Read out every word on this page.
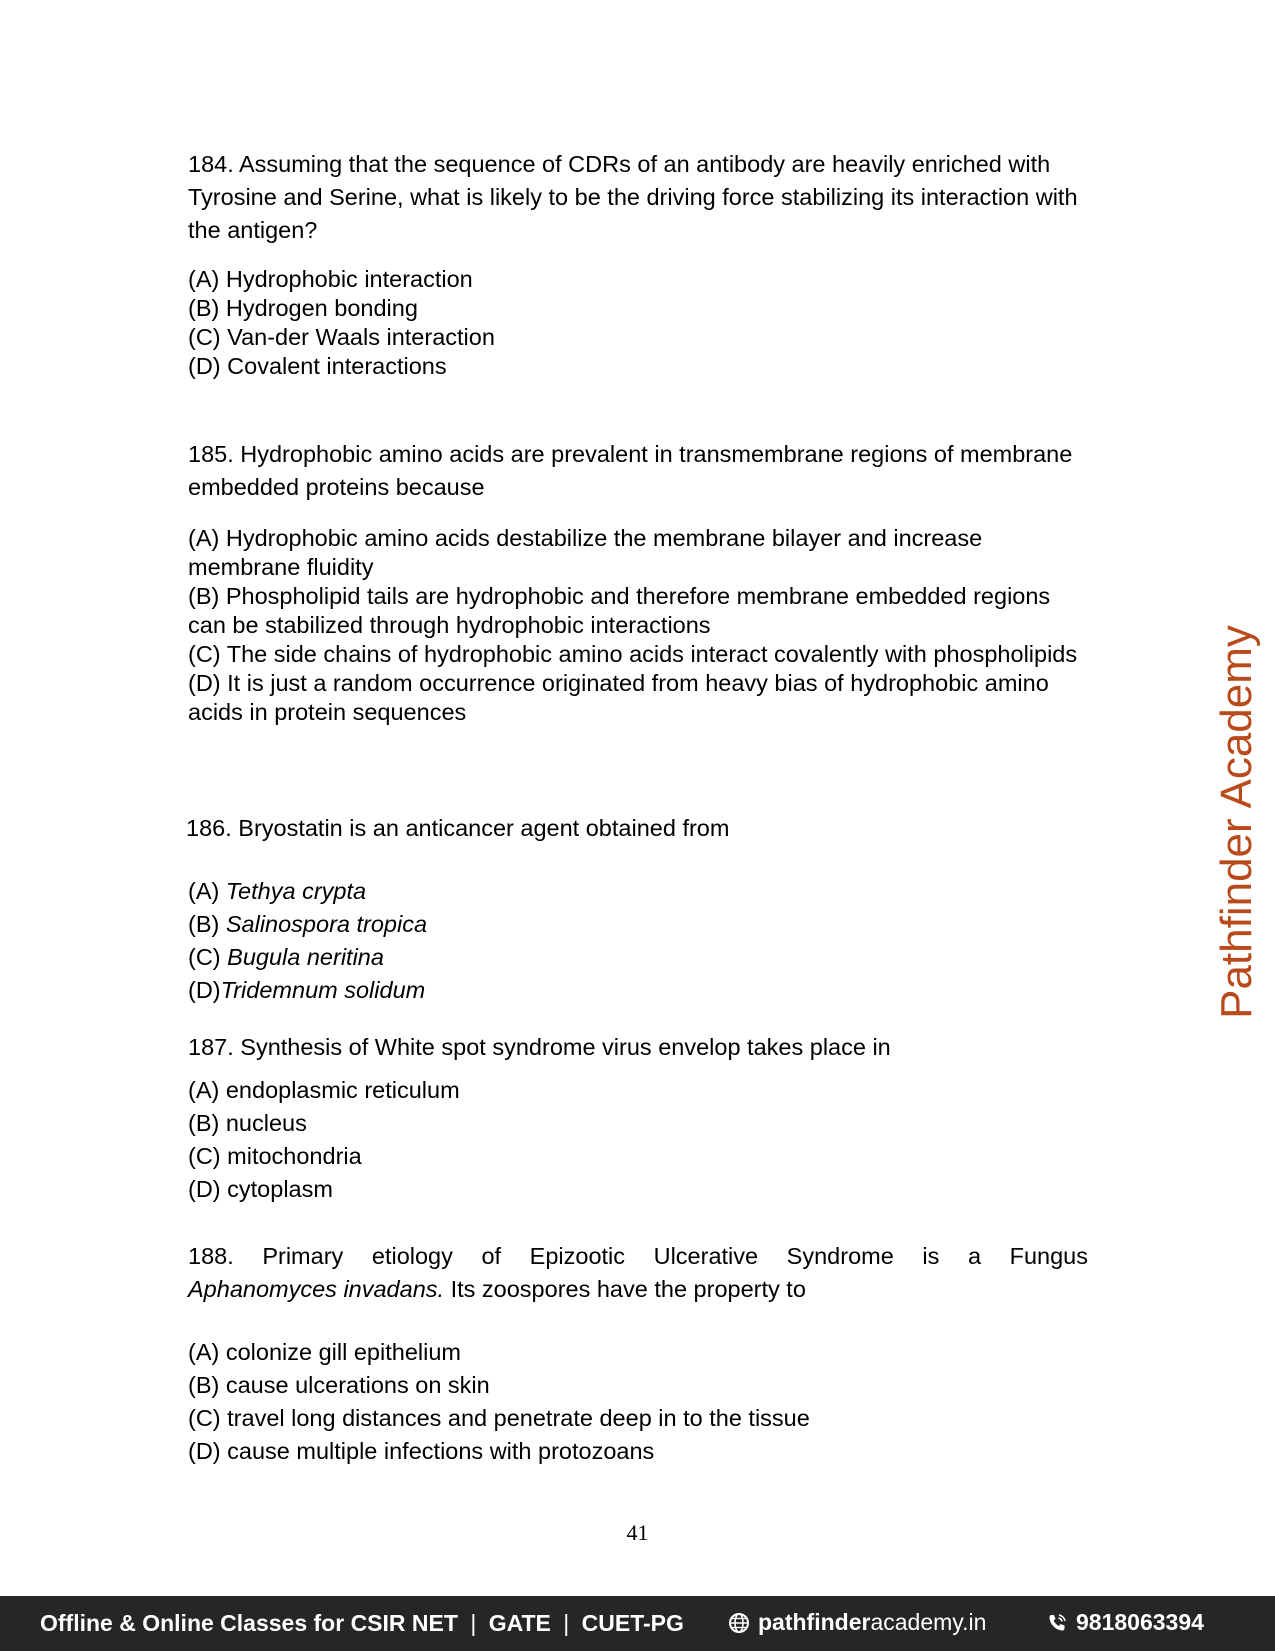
184. Assuming that the sequence of CDRs of an antibody are heavily enriched with Tyrosine and Serine, what is likely to be the driving force stabilizing its interaction with the antigen?

(A) Hydrophobic interaction
(B) Hydrogen bonding
(C) Van-der Waals interaction
(D) Covalent interactions

185. Hydrophobic amino acids are prevalent in transmembrane regions of membrane embedded proteins because

(A) Hydrophobic amino acids destabilize the membrane bilayer and increase membrane fluidity
(B) Phospholipid tails are hydrophobic and therefore membrane embedded regions can be stabilized through hydrophobic interactions
(C) The side chains of hydrophobic amino acids interact covalently with phospholipids
(D) It is just a random occurrence originated from heavy bias of hydrophobic amino acids in protein sequences

186. Bryostatin is an anticancer agent obtained from

(A) Tethya crypta
(B) Salinospora tropica
(C) Bugula neritina
(D)Tridemnum solidum

187. Synthesis of White spot syndrome virus envelop takes place in

(A) endoplasmic reticulum
(B) nucleus
(C) mitochondria
(D) cytoplasm

188. Primary etiology of Epizootic Ulcerative Syndrome is a Fungus

Aphanomyces invadans. Its zoospores have the property to

(A) colonize gill epithelium
(B) cause ulcerations on skin
(C) travel long distances and penetrate deep in to the tissue
(D) cause multiple infections with protozoans
41
Pathfinder Academy
Offline & Online Classes for CSIR NET | GATE | CUET-PG	pathfinder academy.in	9818063394
